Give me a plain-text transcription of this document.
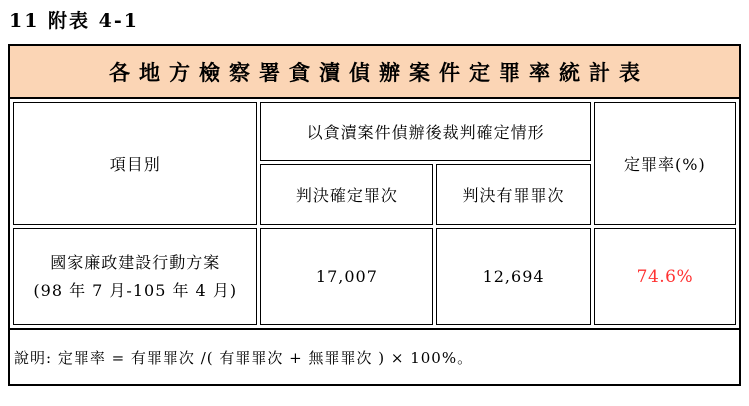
11 附表 4-1
各地方檢察署貪瀆偵辦案件定罪率統計表
項目別	以貪瀆案件偵辦後裁判確定情形		定罪率(%)
	判決確定罪次	判決有罪罪次	

國家廉政建設行動方案
(98 年 7 月-105 年 4 月)	17,007	12,694	74.6%
說明: 定罪率 = 有罪罪次 /( 有罪罪次 + 無罪罪次 ) × 100%。
